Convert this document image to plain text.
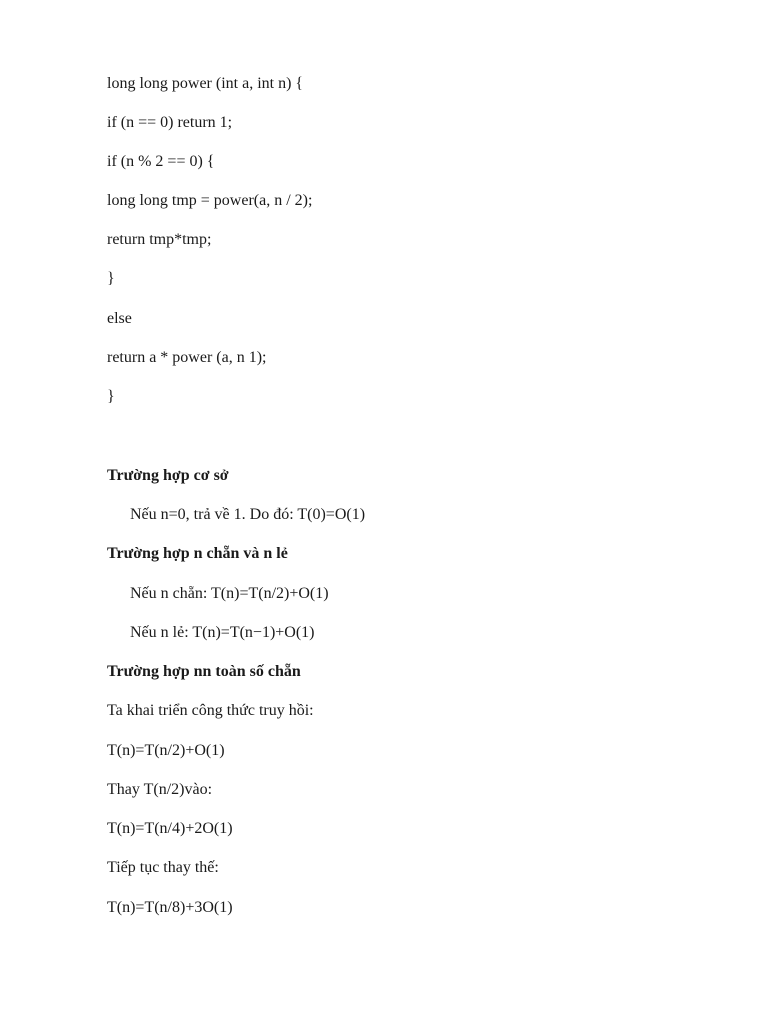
long long power (int a, int n) {
if (n == 0) return 1;
if (n % 2 == 0) {
long long tmp = power(a, n / 2);
return tmp*tmp;
}
else
return a * power (a, n 1);
}
Trường hợp cơ sở
Nếu n=0, trả về 1. Do đó: T(0)=O(1)
Trường hợp n chẵn và n lẻ
Nếu n chẵn: T(n)=T(n/2)+O(1)
Nếu n lẻ: T(n)=T(n−1)+O(1)
Trường hợp nn toàn số chẵn
Ta khai triển công thức truy hồi:
T(n)=T(n/2)+O(1)
Thay T(n/2)vào:
T(n)=T(n/4)+2O(1)
Tiếp tục thay thế:
T(n)=T(n/8)+3O(1)
